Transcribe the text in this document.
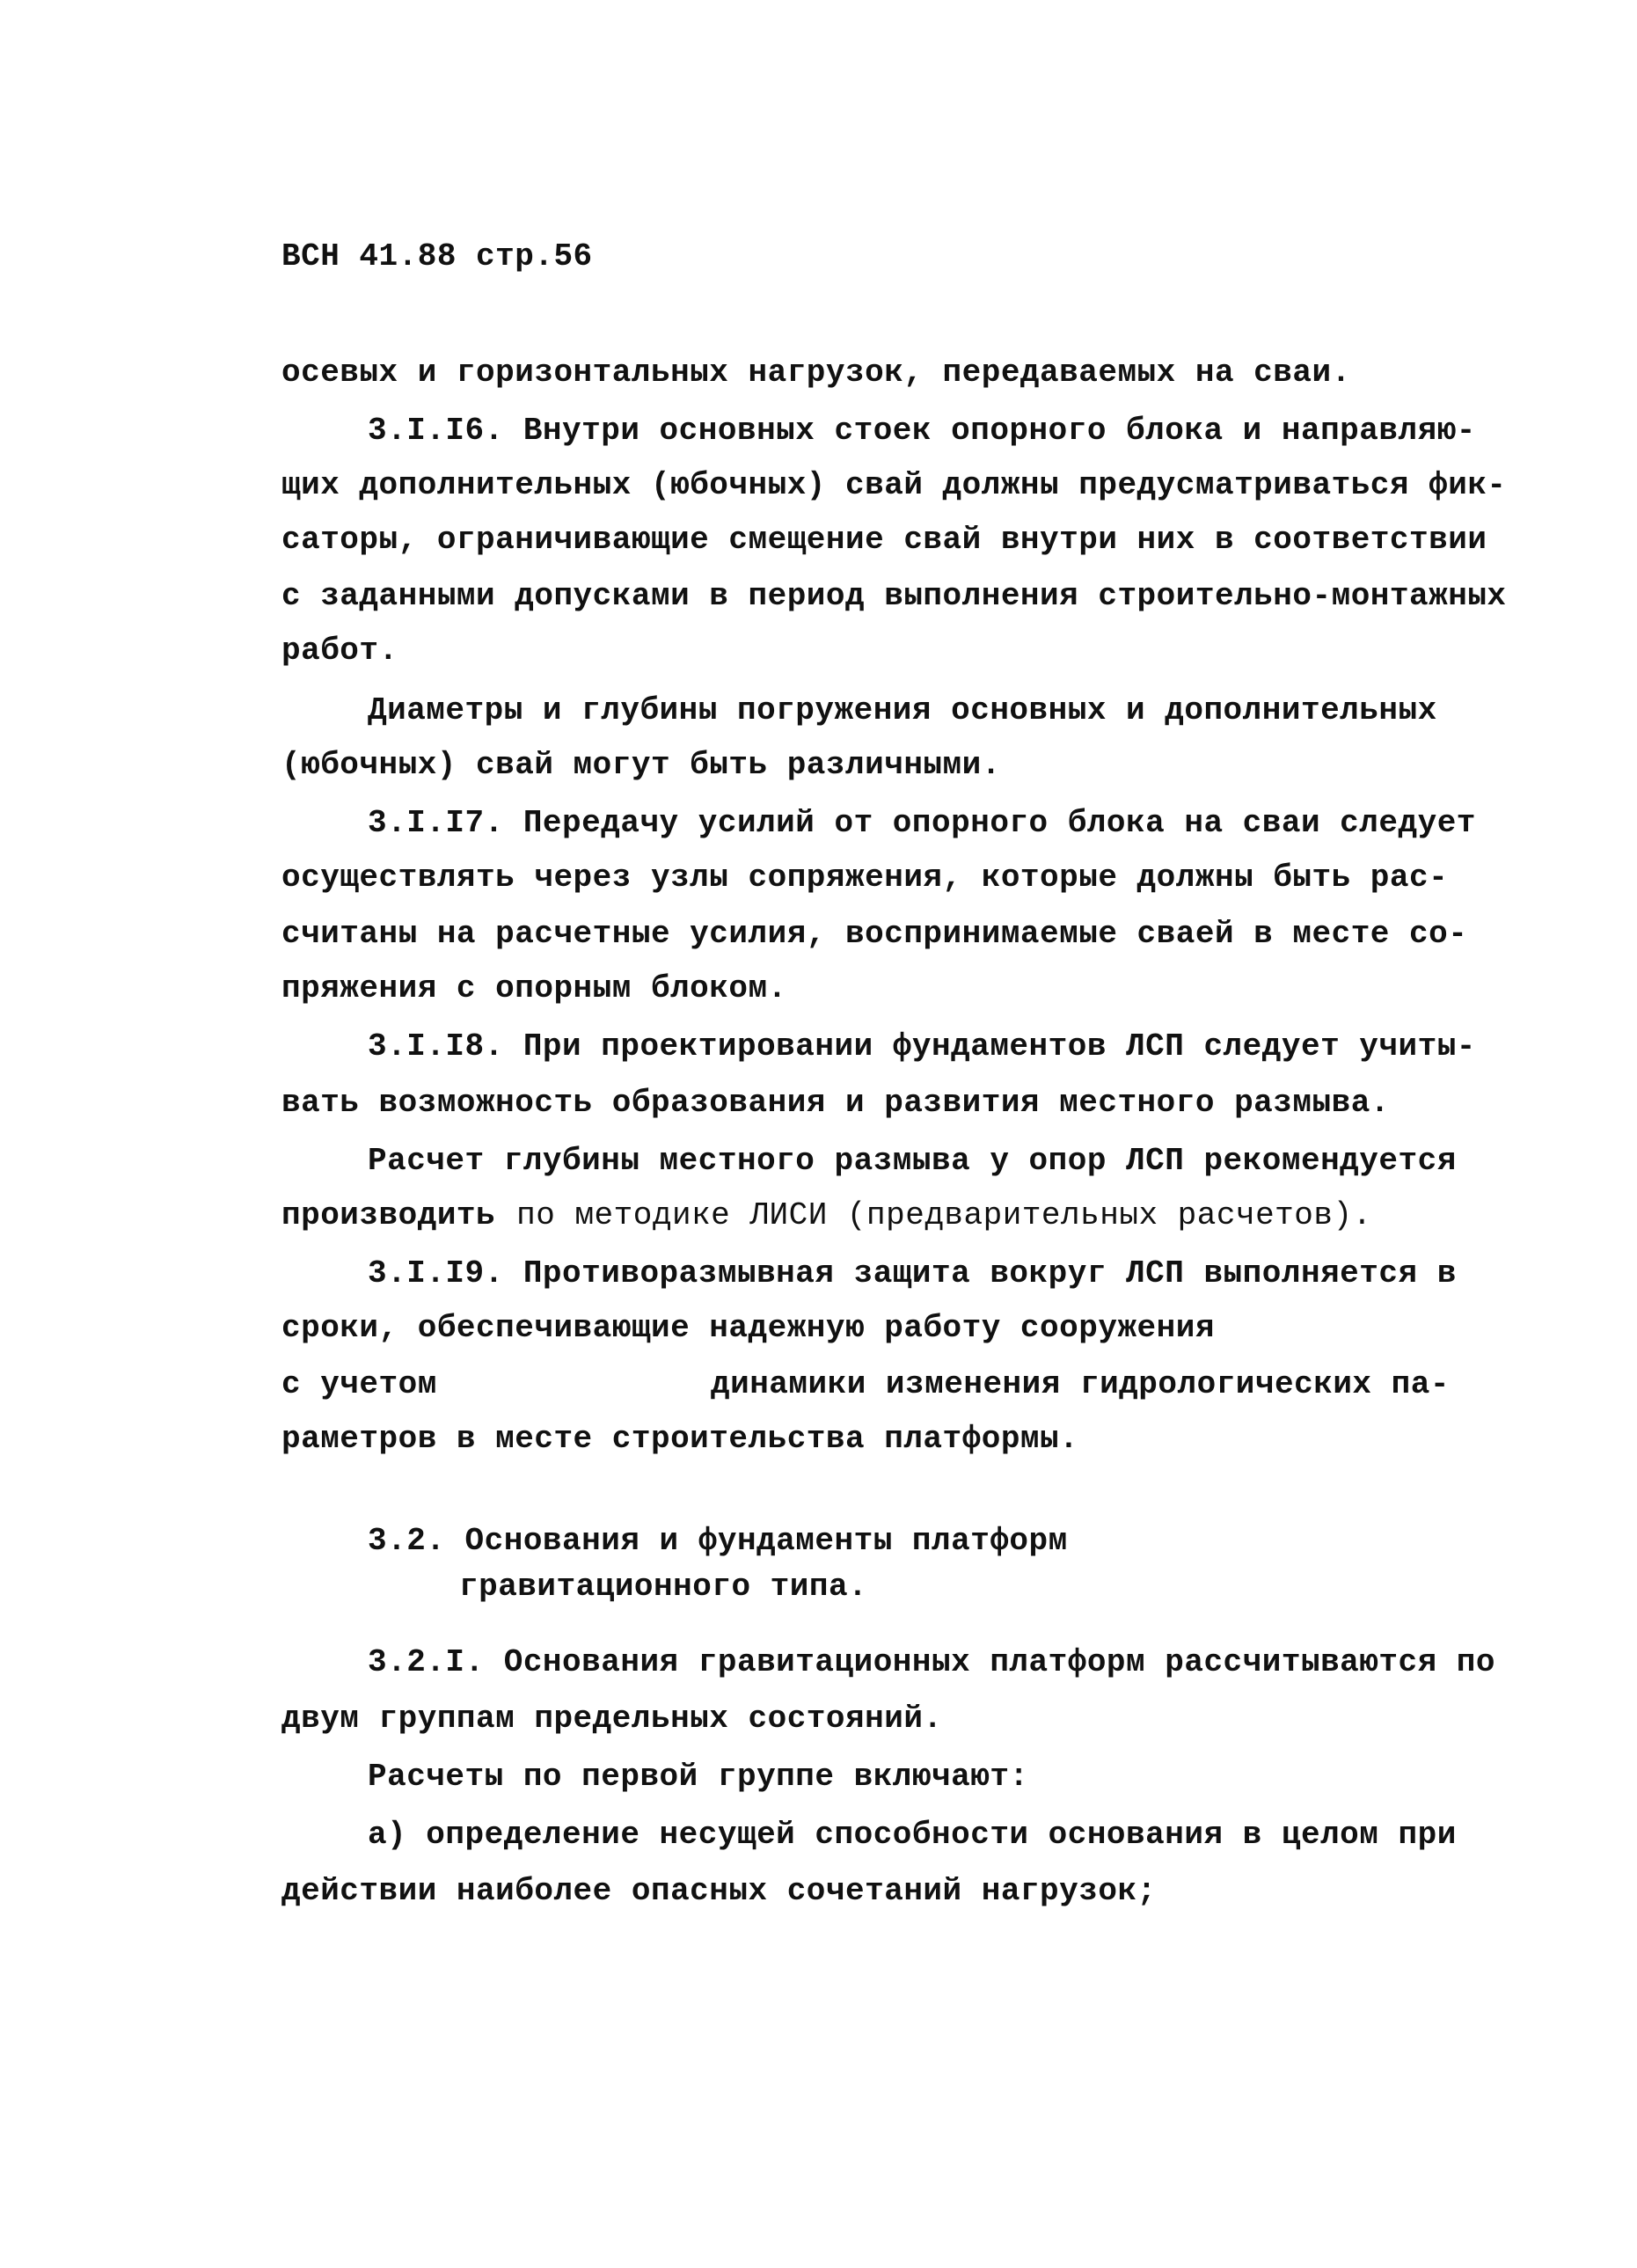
ВСН 41.88 стр.56
осевых и горизонтальных нагрузок, передаваемых на сваи.
3.I.I6. Внутри основных стоек опорного блока и направляю-
щих дополнительных (юбочных) свай должны предусматриваться фик-
саторы, ограничивающие смещение свай внутри них в соответствии
с заданными допусками в период выполнения строительно-монтажных
работ.
Диаметры и глубины погружения основных и дополнительных
(юбочных) свай могут быть различными.
3.I.I7. Передачу усилий от опорного блока на сваи следует
осуществлять через узлы сопряжения, которые должны быть рас-
считаны на расчетные усилия, воспринимаемые сваей в месте со-
пряжения с опорным блоком.
3.I.I8. При проектировании фундаментов ЛСП следует учиты-
вать возможность образования и развития местного размыва.
Расчет глубины местного размыва у опор ЛСП рекомендуется
производить по методике ЛИСИ (предварительных расчетов).
3.I.I9. Противоразмывная защита вокруг ЛСП выполняется в
сроки, обеспечивающие надежную работу сооружения
с учетом	динамики изменения гидрологических па-
раметров в месте строительства платформы.
3.2. Основания и фундаменты платформ
гравитационного типа.
3.2.I. Основания гравитационных платформ рассчитываются по
двум группам предельных состояний.
Расчеты по первой группе включают:
а) определение несущей способности основания в целом при
действии наиболее опасных сочетаний нагрузок;
